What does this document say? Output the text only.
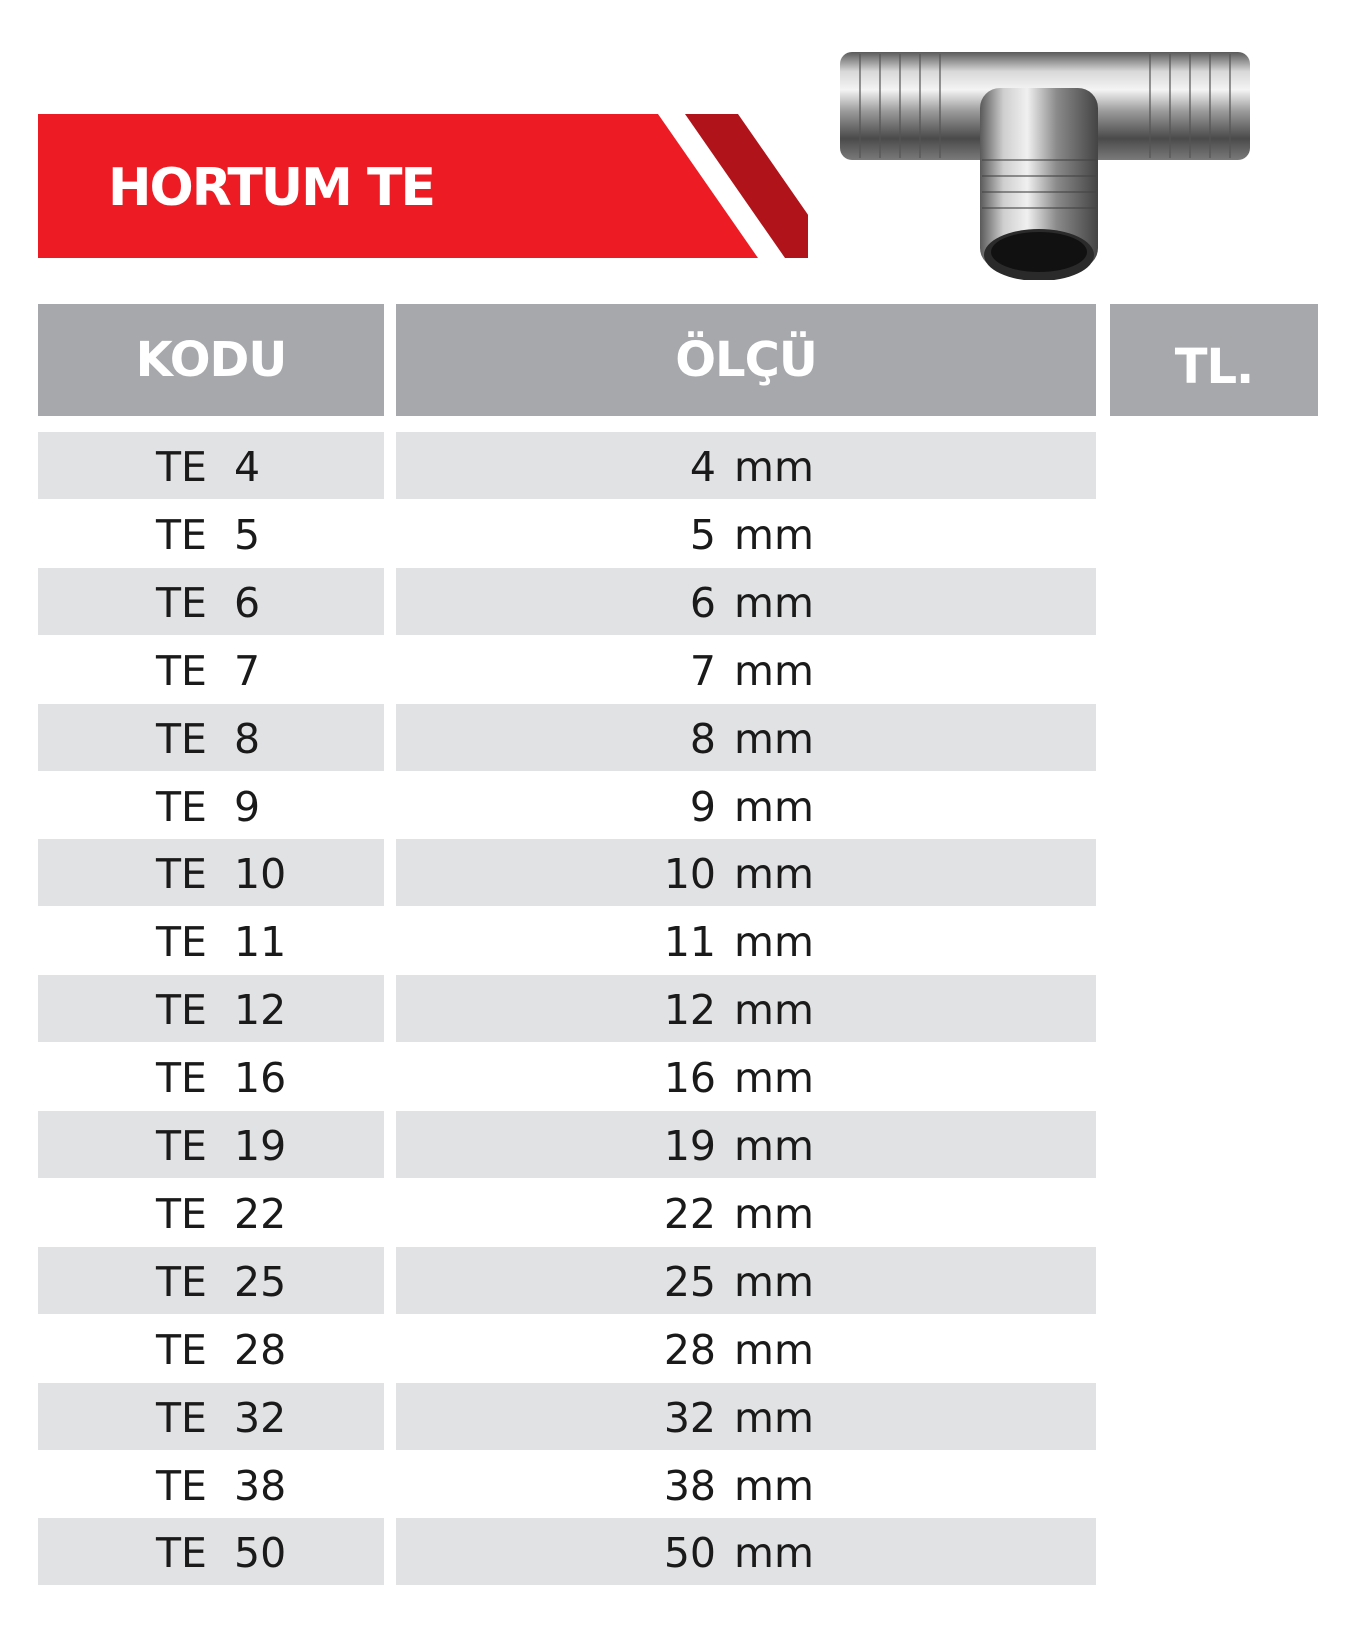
HORTUM TE
KODU	ÖLÇÜ	TL.
TE 4	4 mm
TE 5	5 mm
TE 6	6 mm
TE 7	7 mm
TE 8	8 mm
TE 9	9 mm
TE 10	10 mm
TE 11	11 mm
TE 12	12 mm
TE 16	16 mm
TE 19	19 mm
TE 22	22 mm
TE 25	25 mm
TE 28	28 mm
TE 32	32 mm
TE 38	38 mm
TE 50	50 mm
